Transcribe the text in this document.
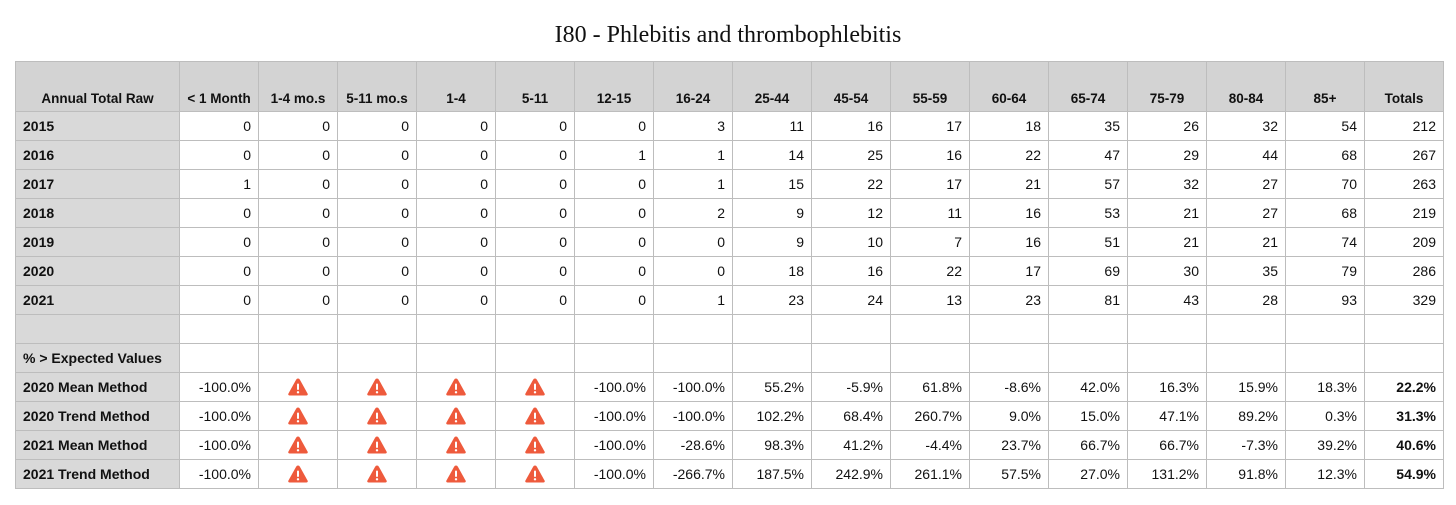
I80 - Phlebitis and thrombophlebitis
Annual Total Raw	< 1 Month	1-4 mo.s	5-11 mo.s	1-4	5-11	12-15	16-24	25-44	45-54	55-59	60-64	65-74	75-79	80-84	85+	Totals
2015	0	0	0	0	0	0	3	11	16	17	18	35	26	32	54	212
2016	0	0	0	0	0	1	1	14	25	16	22	47	29	44	68	267
2017	1	0	0	0	0	0	1	15	22	17	21	57	32	27	70	263
2018	0	0	0	0	0	0	2	9	12	11	16	53	21	27	68	219
2019	0	0	0	0	0	0	0	9	10	7	16	51	21	21	74	209
2020	0	0	0	0	0	0	0	18	16	22	17	69	30	35	79	286
2021	0	0	0	0	0	0	1	23	24	13	23	81	43	28	93	329

% > Expected Values																
2020 Mean Method	-100.0%					-100.0%	-100.0%	55.2%	-5.9%	61.8%	-8.6%	42.0%	16.3%	15.9%	18.3%	22.2%
2020 Trend Method	-100.0%					-100.0%	-100.0%	102.2%	68.4%	260.7%	9.0%	15.0%	47.1%	89.2%	0.3%	31.3%
2021 Mean Method	-100.0%					-100.0%	-28.6%	98.3%	41.2%	-4.4%	23.7%	66.7%	66.7%	-7.3%	39.2%	40.6%
2021 Trend Method	-100.0%					-100.0%	-266.7%	187.5%	242.9%	261.1%	57.5%	27.0%	131.2%	91.8%	12.3%	54.9%
